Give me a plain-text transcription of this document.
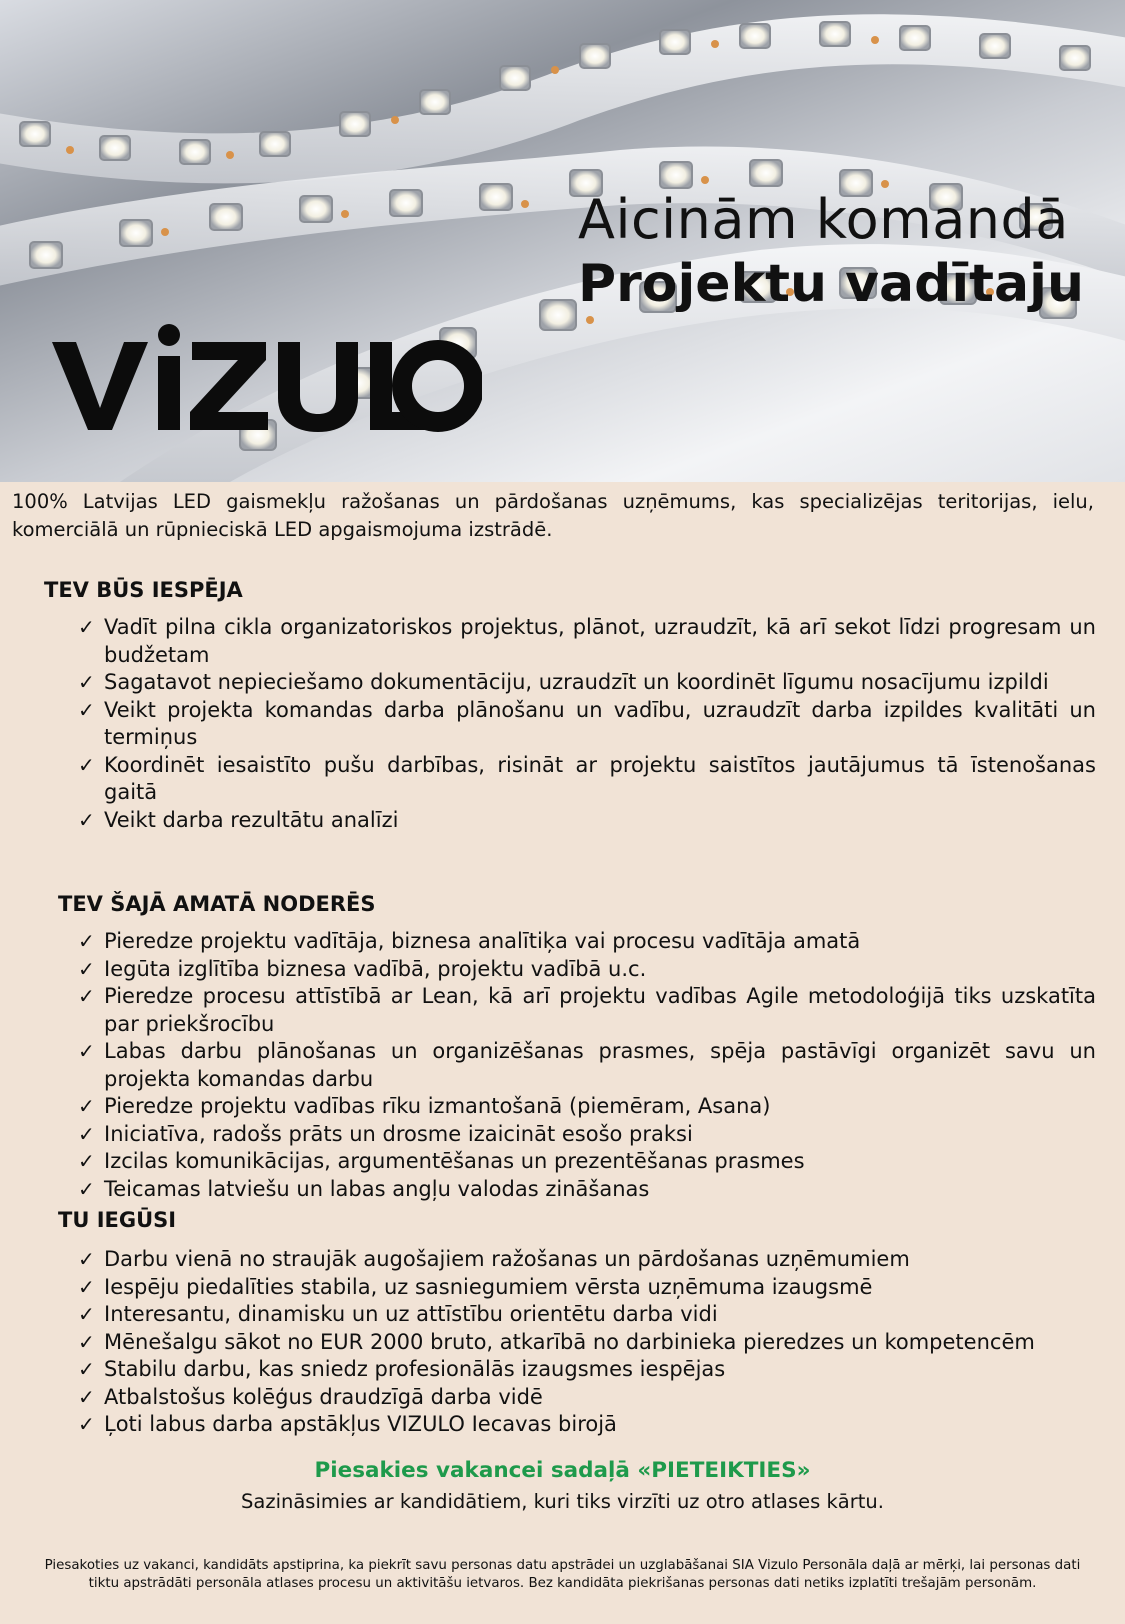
Aicinām komandā
Projektu vadītaju
100% Latvijas LED gaismekļu ražošanas un pārdošanas uzņēmums, kas specializējas teritorijas, ielu, komerciālā un rūpnieciskā LED apgaismojuma izstrādē.
TEV BŪS IESPĒJA
✓ Vadīt pilna cikla organizatoriskos projektus, plānot, uzraudzīt, kā arī sekot līdzi progresam un budžetam
✓ Sagatavot nepieciešamo dokumentāciju, uzraudzīt un koordinēt līgumu nosacījumu izpildi
✓ Veikt projekta komandas darba plānošanu un vadību, uzraudzīt darba izpildes kvalitāti un termiņus
✓ Koordinēt iesaistīto pušu darbības, risināt ar projektu saistītos jautājumus tā īstenošanas gaitā
✓ Veikt darba rezultātu analīzi
TEV ŠAJĀ AMATĀ NODERĒS
✓ Pieredze projektu vadītāja, biznesa analītiķa vai procesu vadītāja amatā
✓ Iegūta izglītība biznesa vadībā, projektu vadībā u.c.
✓ Pieredze procesu attīstībā ar Lean, kā arī projektu vadības Agile metodoloģijā tiks uzskatīta par priekšrocību
✓ Labas darbu plānošanas un organizēšanas prasmes, spēja pastāvīgi organizēt savu un projekta komandas darbu
✓ Pieredze projektu vadības rīku izmantošanā (piemēram, Asana)
✓ Iniciatīva, radošs prāts un drosme izaicināt esošo praksi
✓ Izcilas komunikācijas, argumentēšanas un prezentēšanas prasmes
✓ Teicamas latviešu un labas angļu valodas zināšanas
TU IEGŪSI
✓ Darbu vienā no straujāk augošajiem ražošanas un pārdošanas uzņēmumiem
✓ Iespēju piedalīties stabila, uz sasniegumiem vērsta uzņēmuma izaugsmē
✓ Interesantu, dinamisku un uz attīstību orientētu darba vidi
✓ Mēnešalgu sākot no EUR 2000 bruto, atkarībā no darbinieka pieredzes un kompetencēm
✓ Stabilu darbu, kas sniedz profesionālās izaugsmes iespējas
✓ Atbalstošus kolēģus draudzīgā darba vidē
✓ Ļoti labus darba apstākļus VIZULO Iecavas birojā
Piesakies vakancei sadaļā «PIETEIKTIES»
Sazināsimies ar kandidātiem, kuri tiks virzīti uz otro atlases kārtu.
Piesakoties uz vakanci, kandidāts apstiprina, ka piekrīt savu personas datu apstrādei un uzglabāšanai SIA Vizulo Personāla daļā ar mērķi, lai personas dati tiktu apstrādāti personāla atlases procesu un aktivitāšu ietvaros. Bez kandidāta piekrišanas personas dati netiks izplatīti trešajām personām.
